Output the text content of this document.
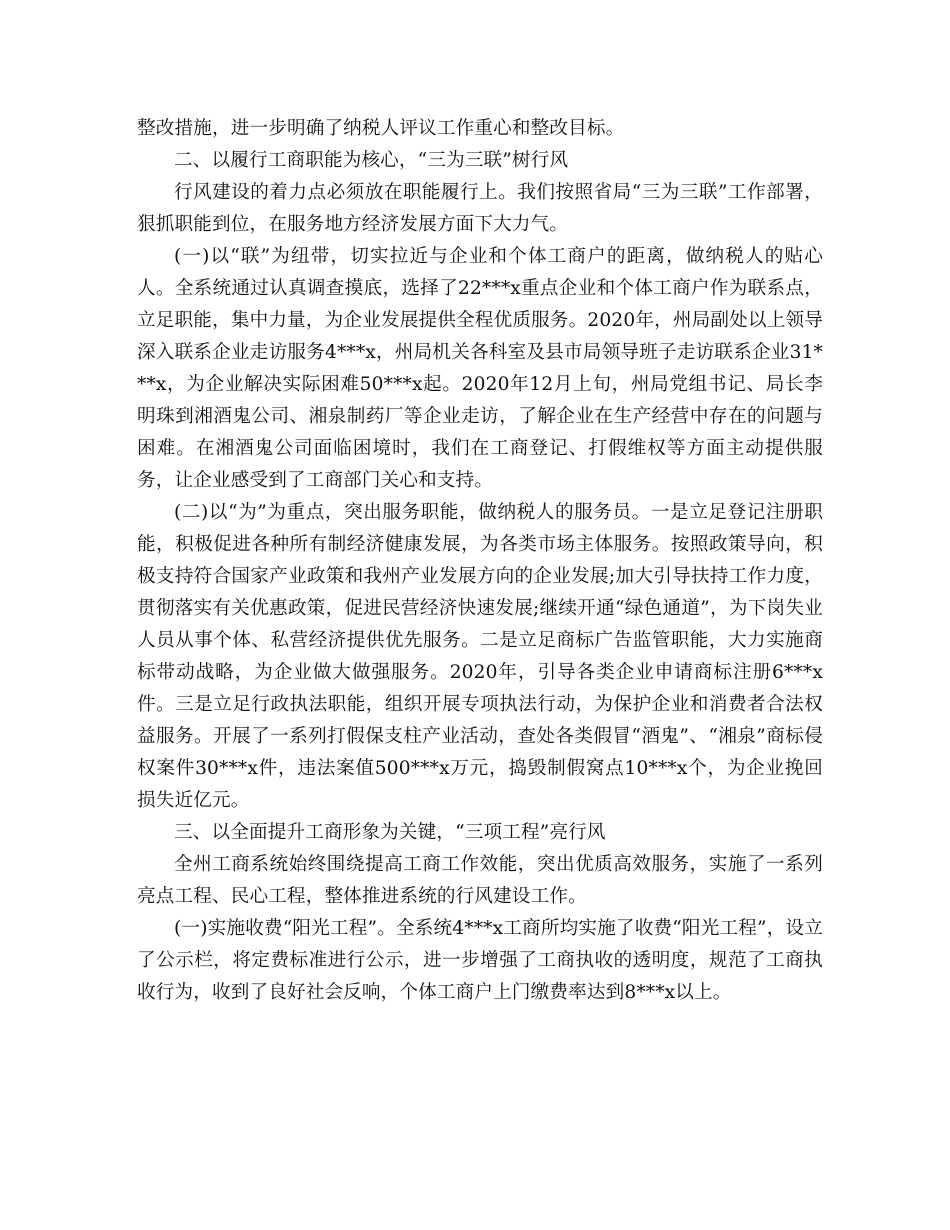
整改措施，进一步明确了纳税人评议工作重心和整改目标。

二、以履行工商职能为核心，“三为三联”树行风

行风建设的着力点必须放在职能履行上。我们按照省局“三为三联”工作部署，狠抓职能到位，在服务地方经济发展方面下大力气。

(一)以“联”为纽带，切实拉近与企业和个体工商户的距离，做纳税人的贴心人。全系统通过认真调查摸底，选择了22***x重点企业和个体工商户作为联系点，立足职能，集中力量，为企业发展提供全程优质服务。2020年，州局副处以上领导深入联系企业走访服务4***x，州局机关各科室及县市局领导班子走访联系企业31***x，为企业解决实际困难50***x起。2020年12月上旬，州局党组书记、局长李明珠到湘酒鬼公司、湘泉制药厂等企业走访，了解企业在生产经营中存在的问题与困难。在湘酒鬼公司面临困境时，我们在工商登记、打假维权等方面主动提供服务，让企业感受到了工商部门关心和支持。

(二)以“为”为重点，突出服务职能，做纳税人的服务员。一是立足登记注册职能，积极促进各种所有制经济健康发展，为各类市场主体服务。按照政策导向，积极支持符合国家产业政策和我州产业发展方向的企业发展;加大引导扶持工作力度，贯彻落实有关优惠政策，促进民营经济快速发展;继续开通“绿色通道”，为下岗失业人员从事个体、私营经济提供优先服务。二是立足商标广告监管职能，大力实施商标带动战略，为企业做大做强服务。2020年，引导各类企业申请商标注册6***x件。三是立足行政执法职能，组织开展专项执法行动，为保护企业和消费者合法权益服务。开展了一系列打假保支柱产业活动，查处各类假冒“酒鬼”、“湘泉”商标侵权案件30***x件，违法案值500***x万元，捣毁制假窝点10***x个，为企业挽回损失近亿元。

三、以全面提升工商形象为关键，“三项工程”亮行风

全州工商系统始终围绕提高工商工作效能，突出优质高效服务，实施了一系列亮点工程、民心工程，整体推进系统的行风建设工作。

(一)实施收费“阳光工程”。全系统4***x工商所均实施了收费“阳光工程”，设立了公示栏，将定费标准进行公示，进一步增强了工商执收的透明度，规范了工商执收行为，收到了良好社会反响，个体工商户上门缴费率达到8***x以上。
